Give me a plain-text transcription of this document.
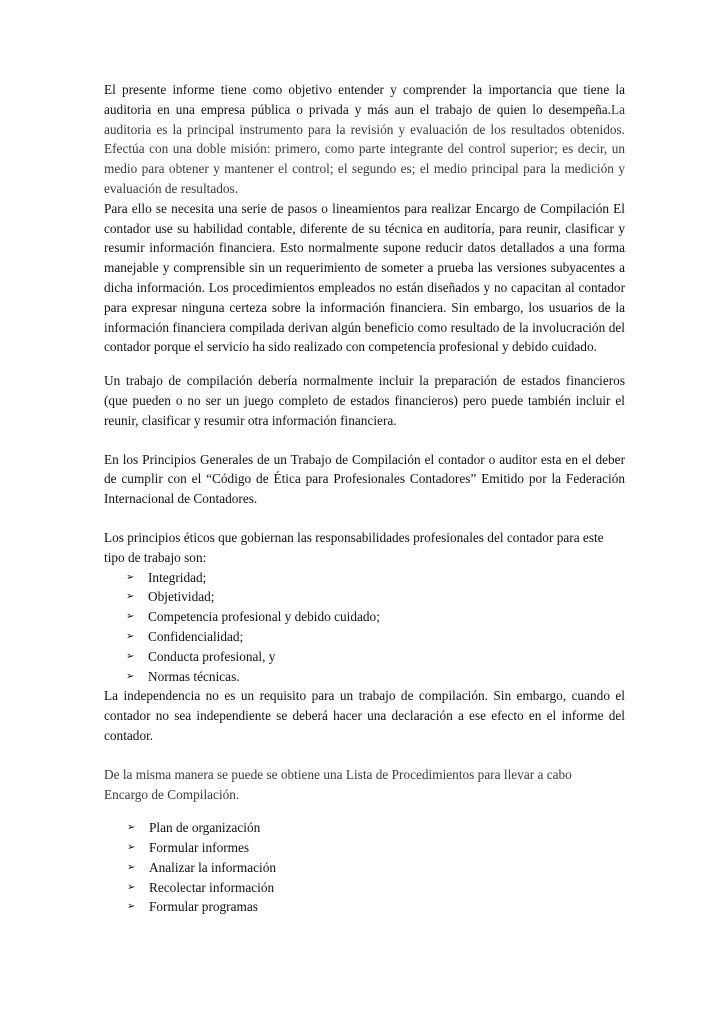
El presente informe tiene como objetivo entender y comprender la importancia que tiene la auditoria en una empresa pública o privada y más aun el trabajo de quien lo desempeña.La auditoria es la principal instrumento para la revisión y evaluación de los resultados obtenidos. Efectúa con una doble misión: primero, como parte integrante del control superior; es decir, un medio para obtener y mantener el control; el segundo es; el medio principal para la medición y evaluación de resultados.

Para ello se necesita una serie de pasos o lineamientos para realizar Encargo de Compilación El contador use su habilidad contable, diferente de su técnica en auditoría, para reunir, clasificar y resumir información financiera. Esto normalmente supone reducir datos detallados a una forma manejable y comprensible sin un requerimiento de someter a prueba las versiones subyacentes a dicha información. Los procedimientos empleados no están diseñados y no capacitan al contador para expresar ninguna certeza sobre la información financiera. Sin embargo, los usuarios de la información financiera compilada derivan algún beneficio como resultado de la involucración del contador porque el servicio ha sido realizado con competencia profesional y debido cuidado.

Un trabajo de compilación debería normalmente incluir la preparación de estados financieros (que pueden o no ser un juego completo de estados financieros) pero puede también incluir el reunir, clasificar y resumir otra información financiera.

En los Principios Generales de un Trabajo de Compilación el contador o auditor esta en el deber de cumplir con el “Código de Ética para Profesionales Contadores” Emitido por la Federación Internacional de Contadores.

Los principios éticos que gobiernan las responsabilidades profesionales del contador para este tipo de trabajo son:

➢	Integridad;
➢	Objetividad;
➢	Competencia profesional y debido cuidado;
➢	Confidencialidad;
➢	Conducta profesional, y
➢	Normas técnicas.

La independencia no es un requisito para un trabajo de compilación. Sin embargo, cuando el contador no sea independiente se deberá hacer una declaración a ese efecto en el informe del contador.

De la misma manera se puede se obtiene una Lista de Procedimientos para llevar a cabo Encargo de Compilación.

➢	Plan de organización
➢	Formular informes
➢	Analizar la información
➢	Recolectar información
➢	Formular programas
